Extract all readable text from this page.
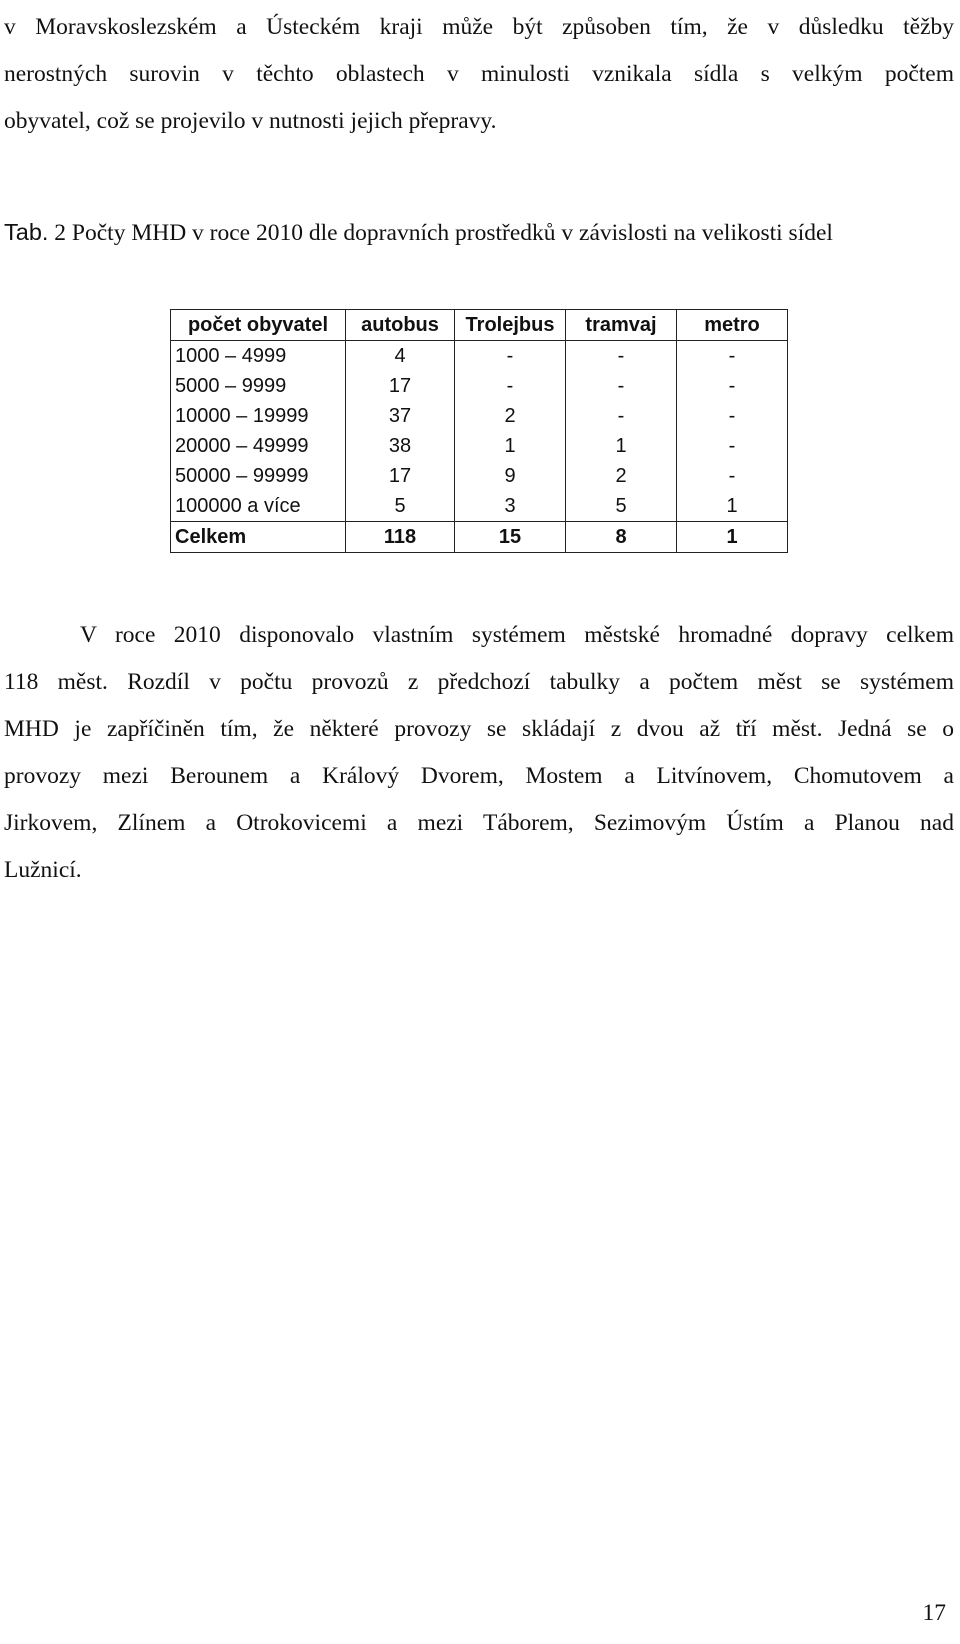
v Moravskoslezském a Ústeckém kraji může být způsoben tím, že v důsledku těžby
nerostných surovin v těchto oblastech v minulosti vznikala sídla s velkým počtem
obyvatel, což se projevilo v nutnosti jejich přepravy.

Tab. 2 Počty MHD v roce 2010 dle dopravních prostředků v závislosti na velikosti sídel

počet obyvatel	autobus	Trolejbus	tramvaj	metro
1000 – 4999	4	-	-	-
5000 – 9999	17	-	-	-
10000 – 19999	37	2	-	-
20000 – 49999	38	1	1	-
50000 – 99999	17	9	2	-
100000 a více	5	3	5	1
Celkem	118	15	8	1
V roce 2010 disponovalo vlastním systémem městské hromadné dopravy celkem
118 měst. Rozdíl v počtu provozů z předchozí tabulky a počtem měst se systémem
MHD je zapříčiněn tím, že některé provozy se skládají z dvou až tří měst. Jedná se o
provozy mezi Berounem a Králový Dvorem, Mostem a Litvínovem, Chomutovem a
Jirkovem, Zlínem a Otrokovicemi a mezi Táborem, Sezimovým Ústím a Planou nad
Lužnicí.
17
